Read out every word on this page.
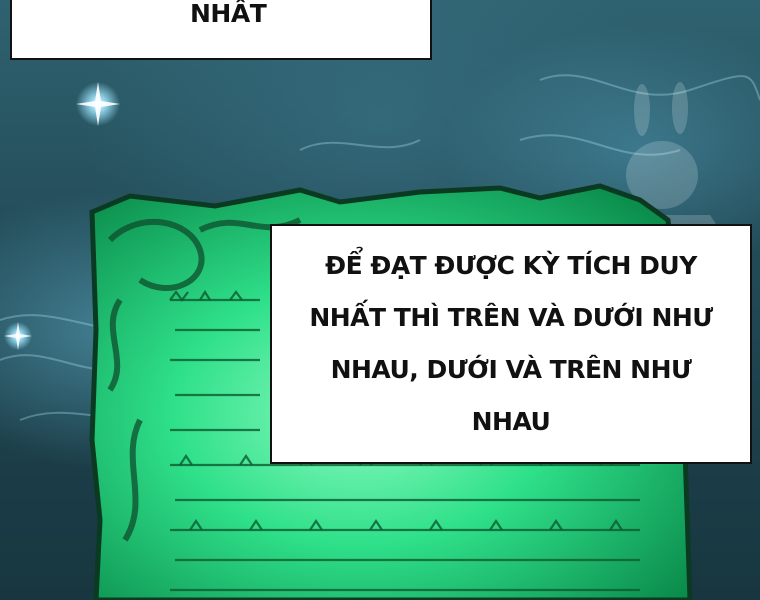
NHẤT
ĐỂ ĐẠT ĐƯỢC KỲ TÍCH DUY
NHẤT THÌ TRÊN VÀ DƯỚI NHƯ
NHAU, DƯỚI VÀ TRÊN NHƯ
NHAU
